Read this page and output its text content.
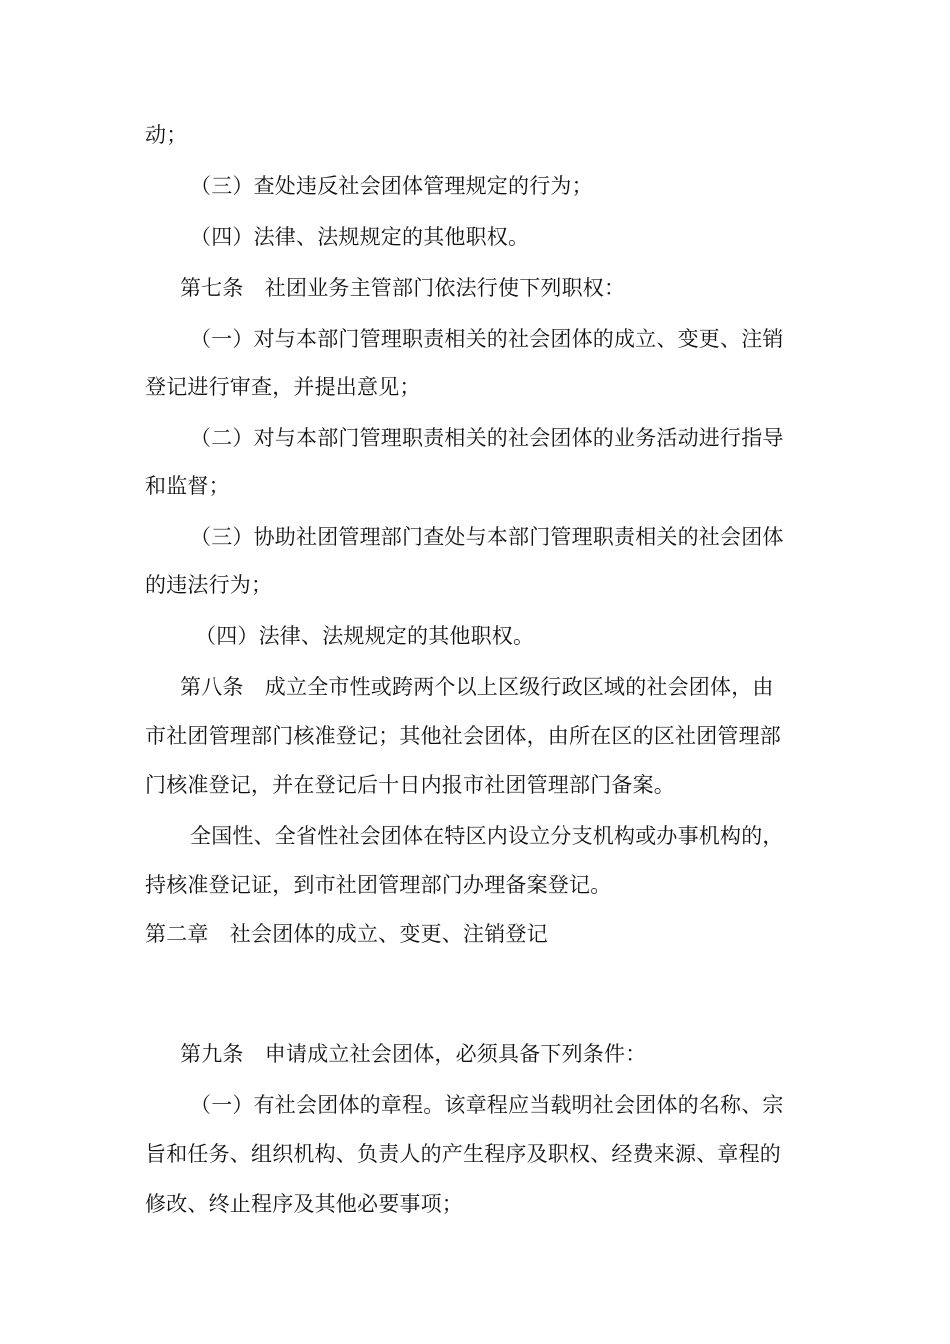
动；
（三）查处违反社会团体管理规定的行为；
（四）法律、法规规定的其他职权。
第七条　社团业务主管部门依法行使下列职权：
（一）对与本部门管理职责相关的社会团体的成立、变更、注销
登记进行审查，并提出意见；
（二）对与本部门管理职责相关的社会团体的业务活动进行指导
和监督；
（三）协助社团管理部门查处与本部门管理职责相关的社会团体
的违法行为；
（四）法律、法规规定的其他职权。
第八条　成立全市性或跨两个以上区级行政区域的社会团体，由
市社团管理部门核准登记；其他社会团体，由所在区的区社团管理部
门核准登记，并在登记后十日内报市社团管理部门备案。
全国性、全省性社会团体在特区内设立分支机构或办事机构的，
持核准登记证，到市社团管理部门办理备案登记。
第二章　社会团体的成立、变更、注销登记
第九条　申请成立社会团体，必须具备下列条件：
（一）有社会团体的章程。该章程应当载明社会团体的名称、宗
旨和任务、组织机构、负责人的产生程序及职权、经费来源、章程的
修改、终止程序及其他必要事项；
